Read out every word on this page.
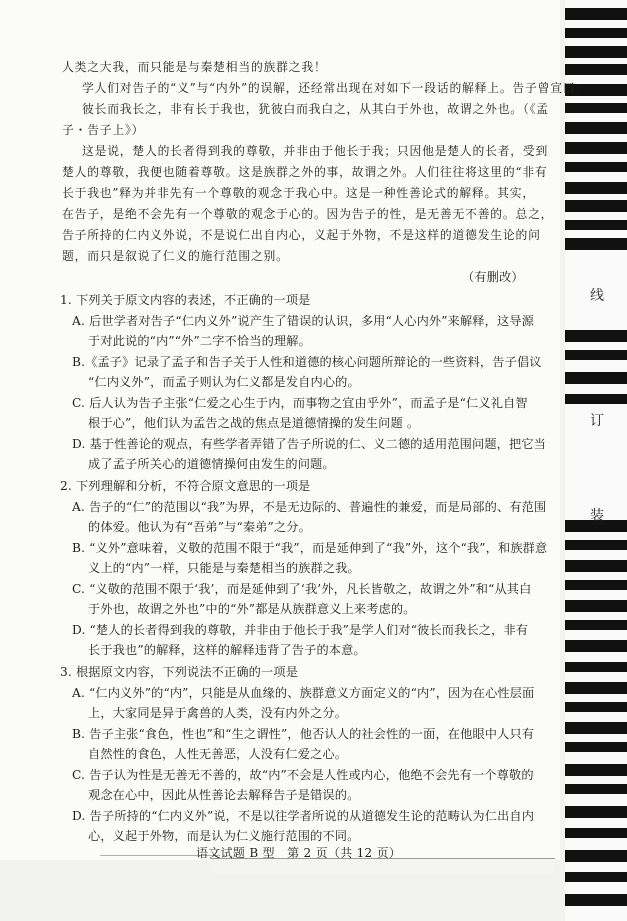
线
订
装
人类之大我，而只能是与秦楚相当的族群之我！
学人们对告子的“义”与“内外”的误解，还经常出现在对如下一段话的解释上。告子曾宣曰：
彼长而我长之，非有长于我也，犹彼白而我白之，从其白于外也，故谓之外也。（《孟
子・告子上》）
这是说，楚人的长者得到我的尊敬，并非由于他长于我；只因他是楚人的长者，受到
楚人的尊敬，我便也随着尊敬。这是族群之外的事，故谓之外。人们往往将这里的“非有
长于我也”释为并非先有一个尊敬的观念于我心中。这是一种性善论式的解释。其实，
在告子，是绝不会先有一个尊敬的观念于心的。因为告子的性，是无善无不善的。总之，
告子所持的仁内义外说，不是说仁出自内心，义起于外物，不是这样的道德发生论的问
题，而只是叙说了仁义的施行范围之别。
（有删改）
1. 下列关于原文内容的表述，不正确的一项是
A. 后世学者对告子“仁内义外”说产生了错误的认识，多用“人心内外”来解释，这导源
于对此说的“内”“外”二字不恰当的理解。
B.《孟子》记录了孟子和告子关于人性和道德的核心问题所辩论的一些资料，告子倡议
“仁内义外”，而孟子则认为仁义都是发自内心的。
C. 后人认为告子主张“仁爱之心生于内，而事物之宜由乎外”，而孟子是“仁义礼自智
根于心”，他们认为孟告之战的焦点是道德情操的发生问题 。
D. 基于性善论的观点，有些学者弄错了告子所说的仁、义二德的适用范围问题，把它当
成了孟子所关心的道德情操何由发生的问题。
2. 下列理解和分析，不符合原文意思的一项是
A. 告子的“仁”的范围以“我”为界，不是无边际的、普遍性的兼爱，而是局部的、有范围
的体爱。他认为有“吾弟”与“秦弟”之分。
B. “义外”意味着，义敬的范围不限于“我”，而是延伸到了“我”外，这个“我”，和族群意
义上的“内”一样，只能是与秦楚相当的族群之我。
C. “义敬的范围不限于‘我’，而是延伸到了‘我’外，凡长皆敬之，故谓之外”和“从其白
于外也，故谓之外也”中的“外”都是从族群意义上来考虑的。
D. “楚人的长者得到我的尊敬，并非由于他长于我”是学人们对“彼长而我长之，非有
长于我也”的解释，这样的解释违背了告子的本意。
3. 根据原文内容，下列说法不正确的一项是
A. “仁内义外”的“内”，只能是从血缘的、族群意义方面定义的“内”，因为在心性层面
上，大家同是异于禽兽的人类，没有内外之分。
B. 告子主张“食色，性也”和“生之谓性”，他否认人的社会性的一面，在他眼中人只有
自然性的食色，人性无善恶，人没有仁爱之心。
C. 告子认为性是无善无不善的，故“内”不会是人性或内心，他绝不会先有一个尊敬的
观念在心中，因此从性善论去解释告子是错误的。
D. 告子所持的“仁内义外”说，不是以往学者所说的从道德发生论的范畴认为仁出自内
心，义起于外物，而是认为仁义施行范围的不同。
语文试题 B 型　第 2 页（共 12 页）
